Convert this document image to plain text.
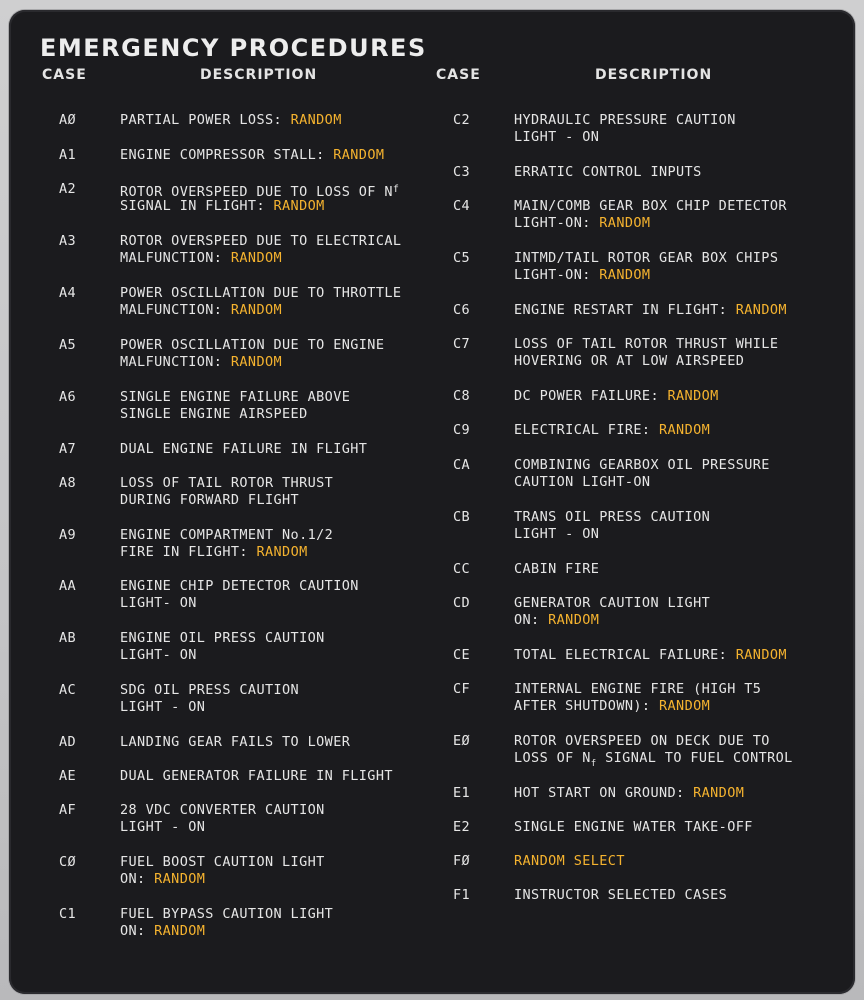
EMERGENCY PROCEDURES
CASE	DESCRIPTION	CASE	DESCRIPTION
AØ	PARTIAL POWER LOSS: RANDOM
A1	ENGINE COMPRESSOR STALL: RANDOM
A2	ROTOR OVERSPEED DUE TO LOSS OF $N^f$
SIGNAL IN FLIGHT: RANDOM
A3	ROTOR OVERSPEED DUE TO ELECTRICAL
MALFUNCTION: RANDOM
A4	POWER OSCILLATION DUE TO THROTTLE
MALFUNCTION: RANDOM
A5	POWER OSCILLATION DUE TO ENGINE
MALFUNCTION: RANDOM
A6	SINGLE ENGINE FAILURE ABOVE
SINGLE ENGINE AIRSPEED
A7	DUAL ENGINE FAILURE IN FLIGHT
A8	LOSS OF TAIL ROTOR THRUST
DURING FORWARD FLIGHT
A9	ENGINE COMPARTMENT No.1/2
FIRE IN FLIGHT: RANDOM
AA	ENGINE CHIP DETECTOR CAUTION
LIGHT- ON
AB	ENGINE OIL PRESS CAUTION
LIGHT- ON
AC	SDG OIL PRESS CAUTION
LIGHT - ON
AD	LANDING GEAR FAILS TO LOWER
AE	DUAL GENERATOR FAILURE IN FLIGHT
AF	28 VDC CONVERTER CAUTION
LIGHT - ON
CØ	FUEL BOOST CAUTION LIGHT
ON: RANDOM
C1	FUEL BYPASS CAUTION LIGHT
ON: RANDOM
C2	HYDRAULIC PRESSURE CAUTION
LIGHT - ON
C3	ERRATIC CONTROL INPUTS
C4	MAIN/COMB GEAR BOX CHIP DETECTOR
LIGHT-ON: RANDOM
C5	INTMD/TAIL ROTOR GEAR BOX CHIPS
LIGHT-ON: RANDOM
C6	ENGINE RESTART IN FLIGHT: RANDOM
C7	LOSS OF TAIL ROTOR THRUST WHILE
HOVERING OR AT LOW AIRSPEED
C8	DC POWER FAILURE: RANDOM
C9	ELECTRICAL FIRE: RANDOM
CA	COMBINING GEARBOX OIL PRESSURE
CAUTION LIGHT-ON
CB	TRANS OIL PRESS CAUTION
LIGHT - ON
CC	CABIN FIRE
CD	GENERATOR CAUTION LIGHT
ON: RANDOM
CE	TOTAL ELECTRICAL FAILURE: RANDOM
CF	INTERNAL ENGINE FIRE (HIGH T5
AFTER SHUTDOWN): RANDOM
EØ	ROTOR OVERSPEED ON DECK DUE TO
LOSS OF $N_f$ SIGNAL TO FUEL CONTROL
E1	HOT START ON GROUND: RANDOM
E2	SINGLE ENGINE WATER TAKE-OFF
FØ	RANDOM SELECT
F1	INSTRUCTOR SELECTED CASES
